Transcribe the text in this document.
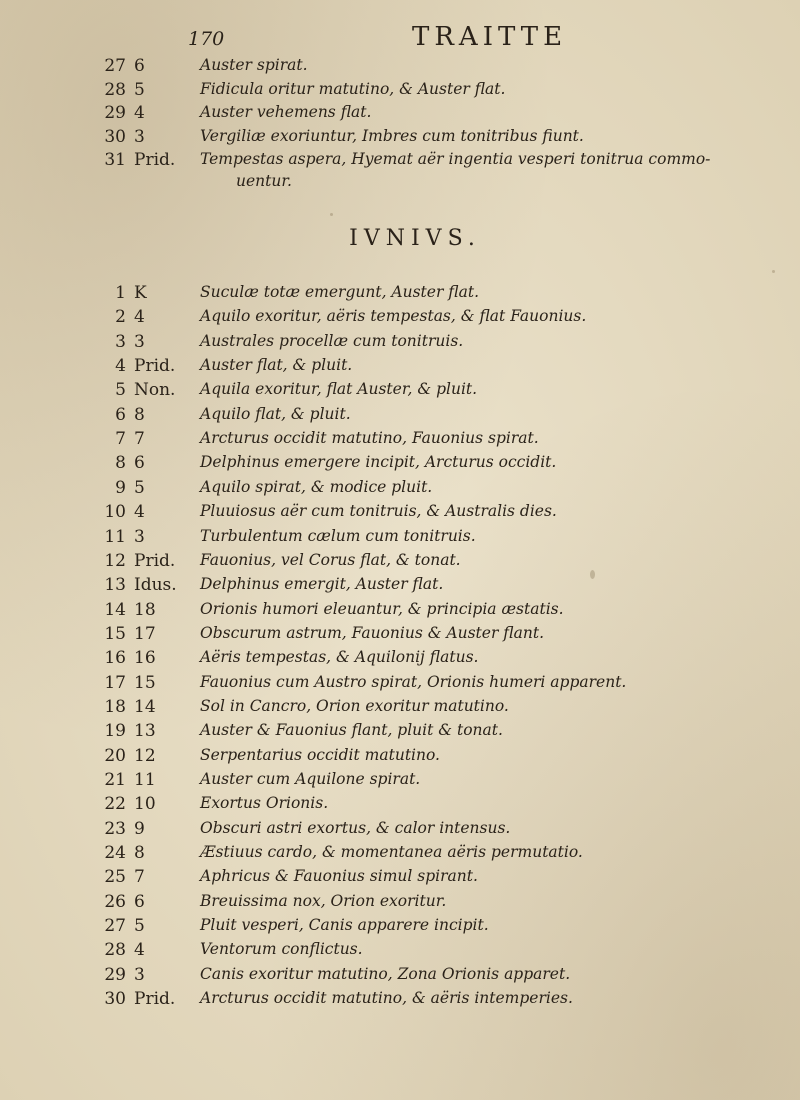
170	TRAITTE
27 6	Auster spirat.
28 5	Fidicula oritur matutino, & Auster flat.
29 4	Auster vehemens flat.
30 3	Vergiliæ exoriuntur, Imbres cum tonitribus fiunt.
31 Prid.	Tempestas aspera, Hyemat aër ingentia vesperi tonitrua commo-
uentur.
IVNIVS.
1 K	Suculæ totæ emergunt, Auster flat.
2 4	Aquilo exoritur, aëris tempestas, & flat Fauonius.
3 3	Australes procellæ cum tonitruis.
4 Prid.	Auster flat, & pluit.
5 Non.	Aquila exoritur, flat Auster, & pluit.
6 8	Aquilo flat, & pluit.
7 7	Arcturus occidit matutino, Fauonius spirat.
8 6	Delphinus emergere incipit, Arcturus occidit.
9 5	Aquilo spirat, & modice pluit.
10 4	Pluuiosus aër cum tonitruis, & Australis dies.
11 3	Turbulentum cælum cum tonitruis.
12 Prid.	Fauonius, vel Corus flat, & tonat.
13 Idus.	Delphinus emergit, Auster flat.
14 18	Orionis humori eleuantur, & principia æstatis.
15 17	Obscurum astrum, Fauonius & Auster flant.
16 16	Aëris tempestas, & Aquilonij flatus.
17 15	Fauonius cum Austro spirat, Orionis humeri apparent.
18 14	Sol in Cancro, Orion exoritur matutino.
19 13	Auster & Fauonius flant, pluit & tonat.
20 12	Serpentarius occidit matutino.
21 11	Auster cum Aquilone spirat.
22 10	Exortus Orionis.
23 9	Obscuri astri exortus, & calor intensus.
24 8	Æstiuus cardo, & momentanea aëris permutatio.
25 7	Aphricus & Fauonius simul spirant.
26 6	Breuissima nox, Orion exoritur.
27 5	Pluit vesperi, Canis apparere incipit.
28 4	Ventorum conflictus.
29 3	Canis exoritur matutino, Zona Orionis apparet.
30 Prid.	Arcturus occidit matutino, & aëris intemperies.
